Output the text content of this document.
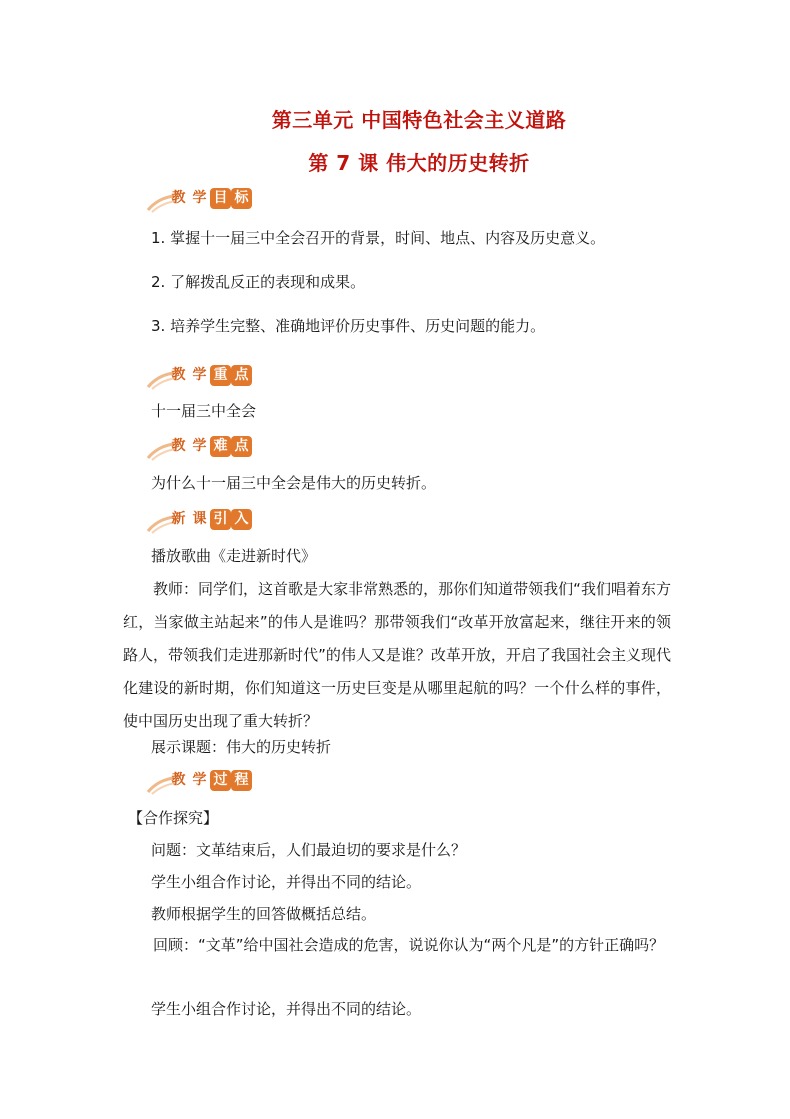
第三单元 中国特色社会主义道路
第 7 课 伟大的历史转折
教 学 目 标
1. 掌握十一届三中全会召开的背景，时间、地点、内容及历史意义。
2. 了解拨乱反正的表现和成果。
3. 培养学生完整、准确地评价历史事件、历史问题的能力。
教 学 重 点
十一届三中全会
教 学 难 点
为什么十一届三中全会是伟大的历史转折。
新 课 引 入
播放歌曲《走进新时代》
教师：同学们，这首歌是大家非常熟悉的，那你们知道带领我们“我们唱着东方红，当家做主站起来”的伟人是谁吗？那带领我们“改革开放富起来，继往开来的领路人，带领我们走进那新时代”的伟人又是谁？改革开放，开启了我国社会主义现代化建设的新时期，你们知道这一历史巨变是从哪里起航的吗？一个什么样的事件，使中国历史出现了重大转折？
展示课题：伟大的历史转折
教 学 过 程
【合作探究】
问题：文革结束后，人们最迫切的要求是什么？
学生小组合作讨论，并得出不同的结论。
教师根据学生的回答做概括总结。
回顾：“文革”给中国社会造成的危害，说说你认为“两个凡是”的方针正确吗？
学生小组合作讨论，并得出不同的结论。
